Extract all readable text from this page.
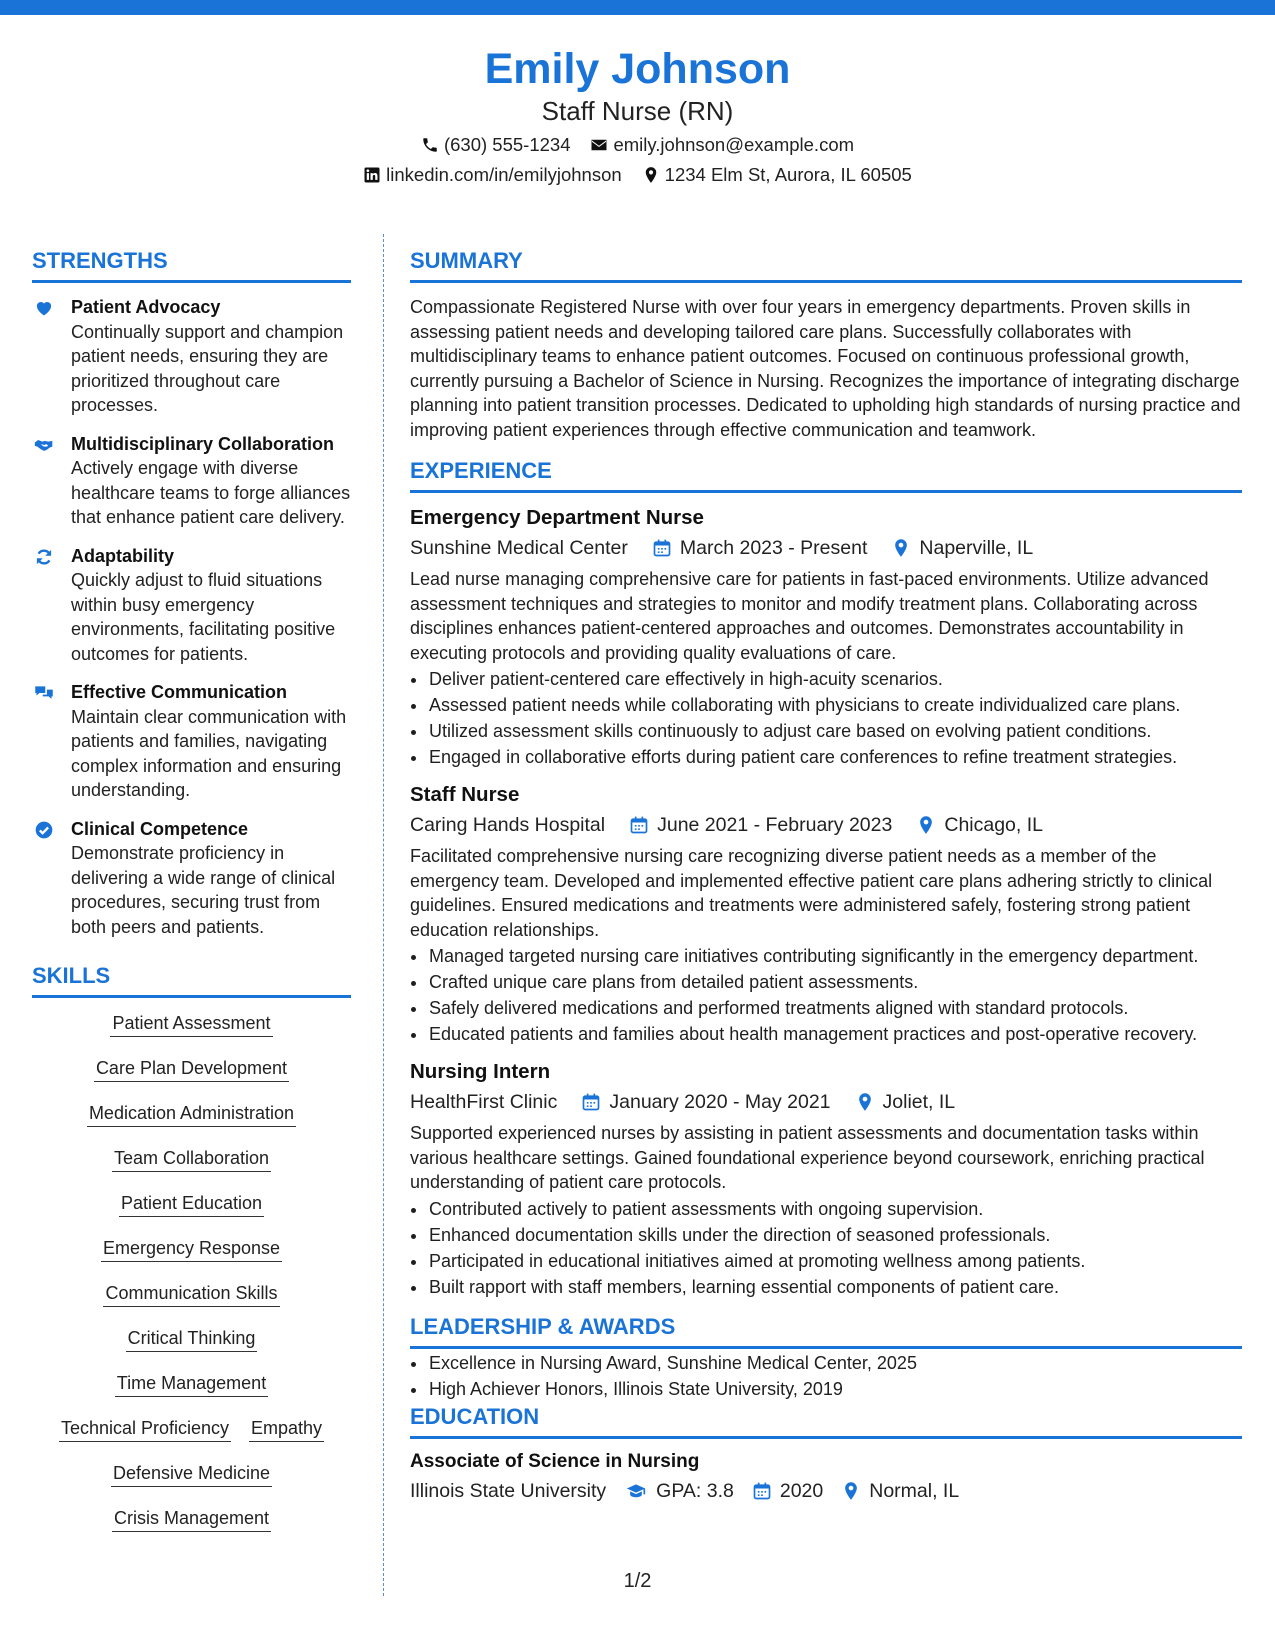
Emily Johnson
Staff Nurse (RN)
(630) 555-1234 emily.johnson@example.com
linkedin.com/in/emilyjohnson 1234 Elm St, Aurora, IL 60505
STRENGTHS
Patient Advocacy
Continually support and champion patient needs, ensuring they are prioritized throughout care processes.
Multidisciplinary Collaboration
Actively engage with diverse healthcare teams to forge alliances that enhance patient care delivery.
Adaptability
Quickly adjust to fluid situations within busy emergency environments, facilitating positive outcomes for patients.
Effective Communication
Maintain clear communication with patients and families, navigating complex information and ensuring understanding.
Clinical Competence
Demonstrate proficiency in delivering a wide range of clinical procedures, securing trust from both peers and patients.
SKILLS
Patient Assessment
Care Plan Development
Medication Administration
Team Collaboration
Patient Education
Emergency Response
Communication Skills
Critical Thinking
Time Management
Technical Proficiency Empathy
Defensive Medicine
Crisis Management
SUMMARY
Compassionate Registered Nurse with over four years in emergency departments. Proven skills in assessing patient needs and developing tailored care plans. Successfully collaborates with multidisciplinary teams to enhance patient outcomes. Focused on continuous professional growth, currently pursuing a Bachelor of Science in Nursing. Recognizes the importance of integrating discharge planning into patient transition processes. Dedicated to upholding high standards of nursing practice and improving patient experiences through effective communication and teamwork.
EXPERIENCE
Emergency Department Nurse
Sunshine Medical Center	March 2023 - Present	Naperville, IL
Lead nurse managing comprehensive care for patients in fast-paced environments. Utilize advanced assessment techniques and strategies to monitor and modify treatment plans. Collaborating across disciplines enhances patient-centered approaches and outcomes. Demonstrates accountability in executing protocols and providing quality evaluations of care.
• Deliver patient-centered care effectively in high-acuity scenarios.
• Assessed patient needs while collaborating with physicians to create individualized care plans.
• Utilized assessment skills continuously to adjust care based on evolving patient conditions.
• Engaged in collaborative efforts during patient care conferences to refine treatment strategies.
Staff Nurse
Caring Hands Hospital	June 2021 - February 2023	Chicago, IL
Facilitated comprehensive nursing care recognizing diverse patient needs as a member of the emergency team. Developed and implemented effective patient care plans adhering strictly to clinical guidelines. Ensured medications and treatments were administered safely, fostering strong patient education relationships.
• Managed targeted nursing care initiatives contributing significantly in the emergency department.
• Crafted unique care plans from detailed patient assessments.
• Safely delivered medications and performed treatments aligned with standard protocols.
• Educated patients and families about health management practices and post-operative recovery.
Nursing Intern
HealthFirst Clinic	January 2020 - May 2021	Joliet, IL
Supported experienced nurses by assisting in patient assessments and documentation tasks within various healthcare settings. Gained foundational experience beyond coursework, enriching practical understanding of patient care protocols.
• Contributed actively to patient assessments with ongoing supervision.
• Enhanced documentation skills under the direction of seasoned professionals.
• Participated in educational initiatives aimed at promoting wellness among patients.
• Built rapport with staff members, learning essential components of patient care.
LEADERSHIP & AWARDS
• Excellence in Nursing Award, Sunshine Medical Center, 2025
• High Achiever Honors, Illinois State University, 2019
EDUCATION
Associate of Science in Nursing
Illinois State University	GPA: 3.8 2020 Normal, IL
1/2
